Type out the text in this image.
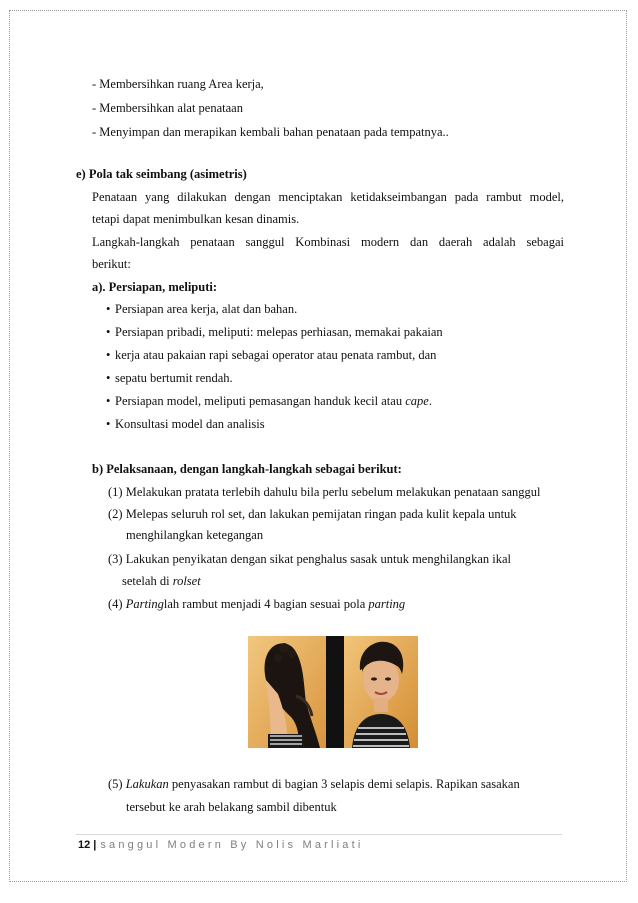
- Membersihkan ruang Area kerja,
- Membersihkan alat penataan
- Menyimpan dan merapikan kembali bahan penataan pada tempatnya..
e) Pola tak seimbang (asimetris)
Penataan yang dilakukan dengan menciptakan ketidakseimbangan pada rambut model,
tetapi dapat menimbulkan kesan dinamis.
Langkah-langkah penataan sanggul Kombinasi modern dan daerah adalah sebagai
berikut:
a). Persiapan, meliputi:
• Persiapan area kerja, alat dan bahan.
• Persiapan pribadi, meliputi: melepas perhiasan, memakai pakaian
• kerja atau pakaian rapi sebagai operator atau penata rambut, dan
• sepatu bertumit rendah.
• Persiapan model, meliputi pemasangan handuk kecil atau cape.
• Konsultasi model dan analisis
b) Pelaksanaan, dengan langkah-langkah sebagai berikut:
(1) Melakukan pratata terlebih dahulu bila perlu sebelum melakukan penataan sanggul
(2) Melepas seluruh rol set, dan lakukan pemijatan ringan pada kulit kepala untuk
menghilangkan ketegangan
(3) Lakukan penyikatan dengan sikat penghalus sasak untuk menghilangkan ikal
setelah di rolset
(4) Partinglah rambut menjadi 4 bagian sesuai pola parting
(5) Lakukan penyasakan rambut di bagian 3 selapis demi selapis. Rapikan sasakan
tersebut ke arah belakang sambil dibentuk
12 | sanggul Modern By Nolis Marliati
